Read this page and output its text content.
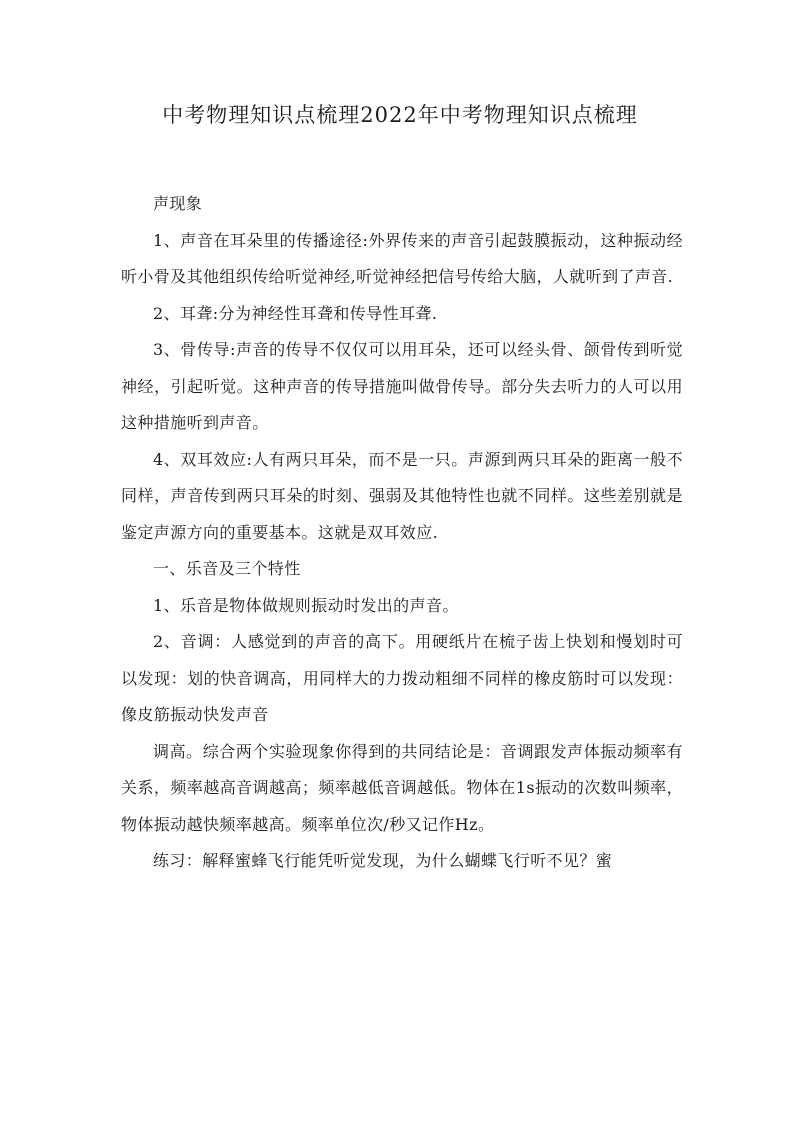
中考物理知识点梳理2022年中考物理知识点梳理

声现象

1、声音在耳朵里的传播途径:外界传来的声音引起鼓膜振动，这种振动经听小骨及其他组织传给听觉神经,听觉神经把信号传给大脑，人就听到了声音.

2、耳聋:分为神经性耳聋和传导性耳聋.

3、骨传导:声音的传导不仅仅可以用耳朵，还可以经头骨、颌骨传到听觉神经，引起听觉。这种声音的传导措施叫做骨传导。部分失去听力的人可以用这种措施听到声音。

4、双耳效应:人有两只耳朵，而不是一只。声源到两只耳朵的距离一般不同样，声音传到两只耳朵的时刻、强弱及其他特性也就不同样。这些差别就是鉴定声源方向的重要基本。这就是双耳效应.

一、乐音及三个特性

1、乐音是物体做规则振动时发出的声音。

2、音调：人感觉到的声音的高下。用硬纸片在梳子齿上快划和慢划时可以发现：划的快音调高，用同样大的力拨动粗细不同样的橡皮筋时可以发现：像皮筋振动快发声音

调高。综合两个实验现象你得到的共同结论是：音调跟发声体振动频率有关系，频率越高音调越高；频率越低音调越低。物体在1s振动的次数叫频率，物体振动越快频率越高。频率单位次/秒又记作Hz。

练习：解释蜜蜂飞行能凭听觉发现，为什么蝴蝶飞行听不见？蜜
